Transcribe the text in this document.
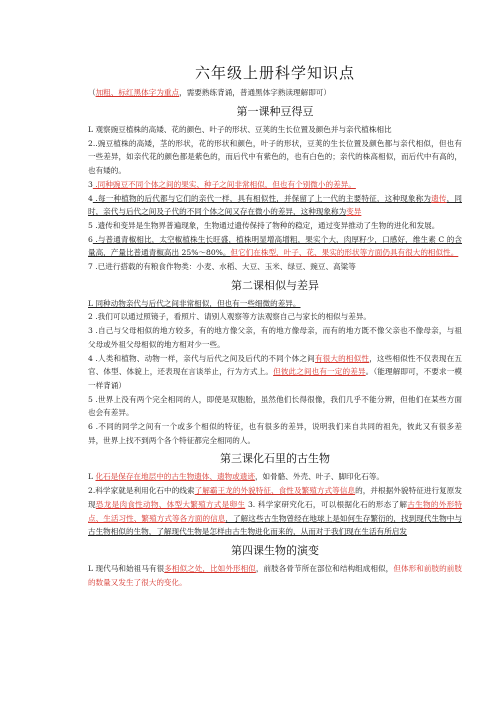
六年级上册科学知识点
（加粗、标红黑体字为重点，需要熟练背诵，普通黑体字熟读理解即可）
第一课种豆得豆

L 观察豌豆植株的高矮、花的颜色、叶子的形状、豆荚的生长位置及颜色并与亲代植株相比

2..豌豆植株的高矮，茎的形状，花的形状和颜色，叶子的形状，豆荚的生长位置及颜色都与亲代相似，但也有一些差异，如亲代花的颜色都是紫色的，而后代中有紫色的，也有白色的；亲代的株高相似，而后代中有高的，也有矮的。

3 .同种豌豆不同个体之间的果实、种子之间非常相似，但也有个别微小的差异。

4 .每一种植物的后代都与它们的亲代一样，具有相似性，并保留了上一代的主要特征，这种现象称为遗传，同时，亲代与后代之间及子代的不同个体之间又存在微小的差异，这种现象称为变异

5 .遗传和变异是生物界普遍现象，生物通过遗传保持了物种的稳定，通过变异推动了生物的进化和发展。

6 .与普通青椒相比，太空椒植株生长旺盛，植株明显增高增粗，果实个大，肉厚籽少，口感好，维生素 C 的含量高，产量比普通青椒高出 25%〜80%。但它们在株型，叶子、花、果实的形状等方面仍具有很大的相似性。

7 .已进行搭载的有粮食作物类：小麦、水稻、大豆、玉米、绿豆、豌豆、高粱等

第二课相似与差异

L 同种动物亲代与后代之间非常相似，但也有一些细微的差异。

2 .我们可以通过照镜子，看照片、请别人观察等方法观察自己与家长的相似与差异。

3 .自己与父母相似的地方较多，有的地方像父亲，有的地方像母亲，而有的地方既不像父亲也不像母亲，与祖父母或外祖父母相似的地方相对少一些。

4 .人类和植物、动物一样，亲代与后代之间及后代的不同个体之间有很大的相似性，这些相似性不仅表现在五官、体型、体貌上，还表现在言谈举止，行为方式上。但彼此之间也有一定的差异。（能理解即可，不要求一模一样背诵）

5 .世界上没有两个完全相同的人，即使是双胞胎，虽然他们长得很像，我们几乎不能分辨，但他们在某些方面也会有差异。

6 .不同的同学之间有一个或多个相似的特征，也有很多的差异，说明我们来自共同的祖先，彼此又有很多差异，世界上找不到两个各个特征都完全相同的人。

第三课化石里的古生物

L 化石是保存在地层中的古生物遗体、遗物或遗迹，如骨骼、外壳、叶子、脚印化石等。

2.科学家就是利用化石中的线索了解霸王龙的外貌特征、食性及繁殖方式等信息的，并根据外貌特征进行复原发现恐龙是肉食性动物、体型大繁殖方式是卵生 3. 科学家研究化石，可以根据化石的形态了解古生物的外形特点、生活习性、繁殖方式等各方面的信息，了解这些古生物曾经在地球上是如何生存繁衍的，找到现代生物中与古生物相似的生物，了解现代生物是怎样由古生物进化而来的，从而对于我们现在生活有所启发

第四课生物的演变

L 现代马和始祖马有很多相似之处，比如外形相似，前肢各骨节所在部位和结构组成相似，但体形和前肢的前肢的数量又发生了很大的变化。
